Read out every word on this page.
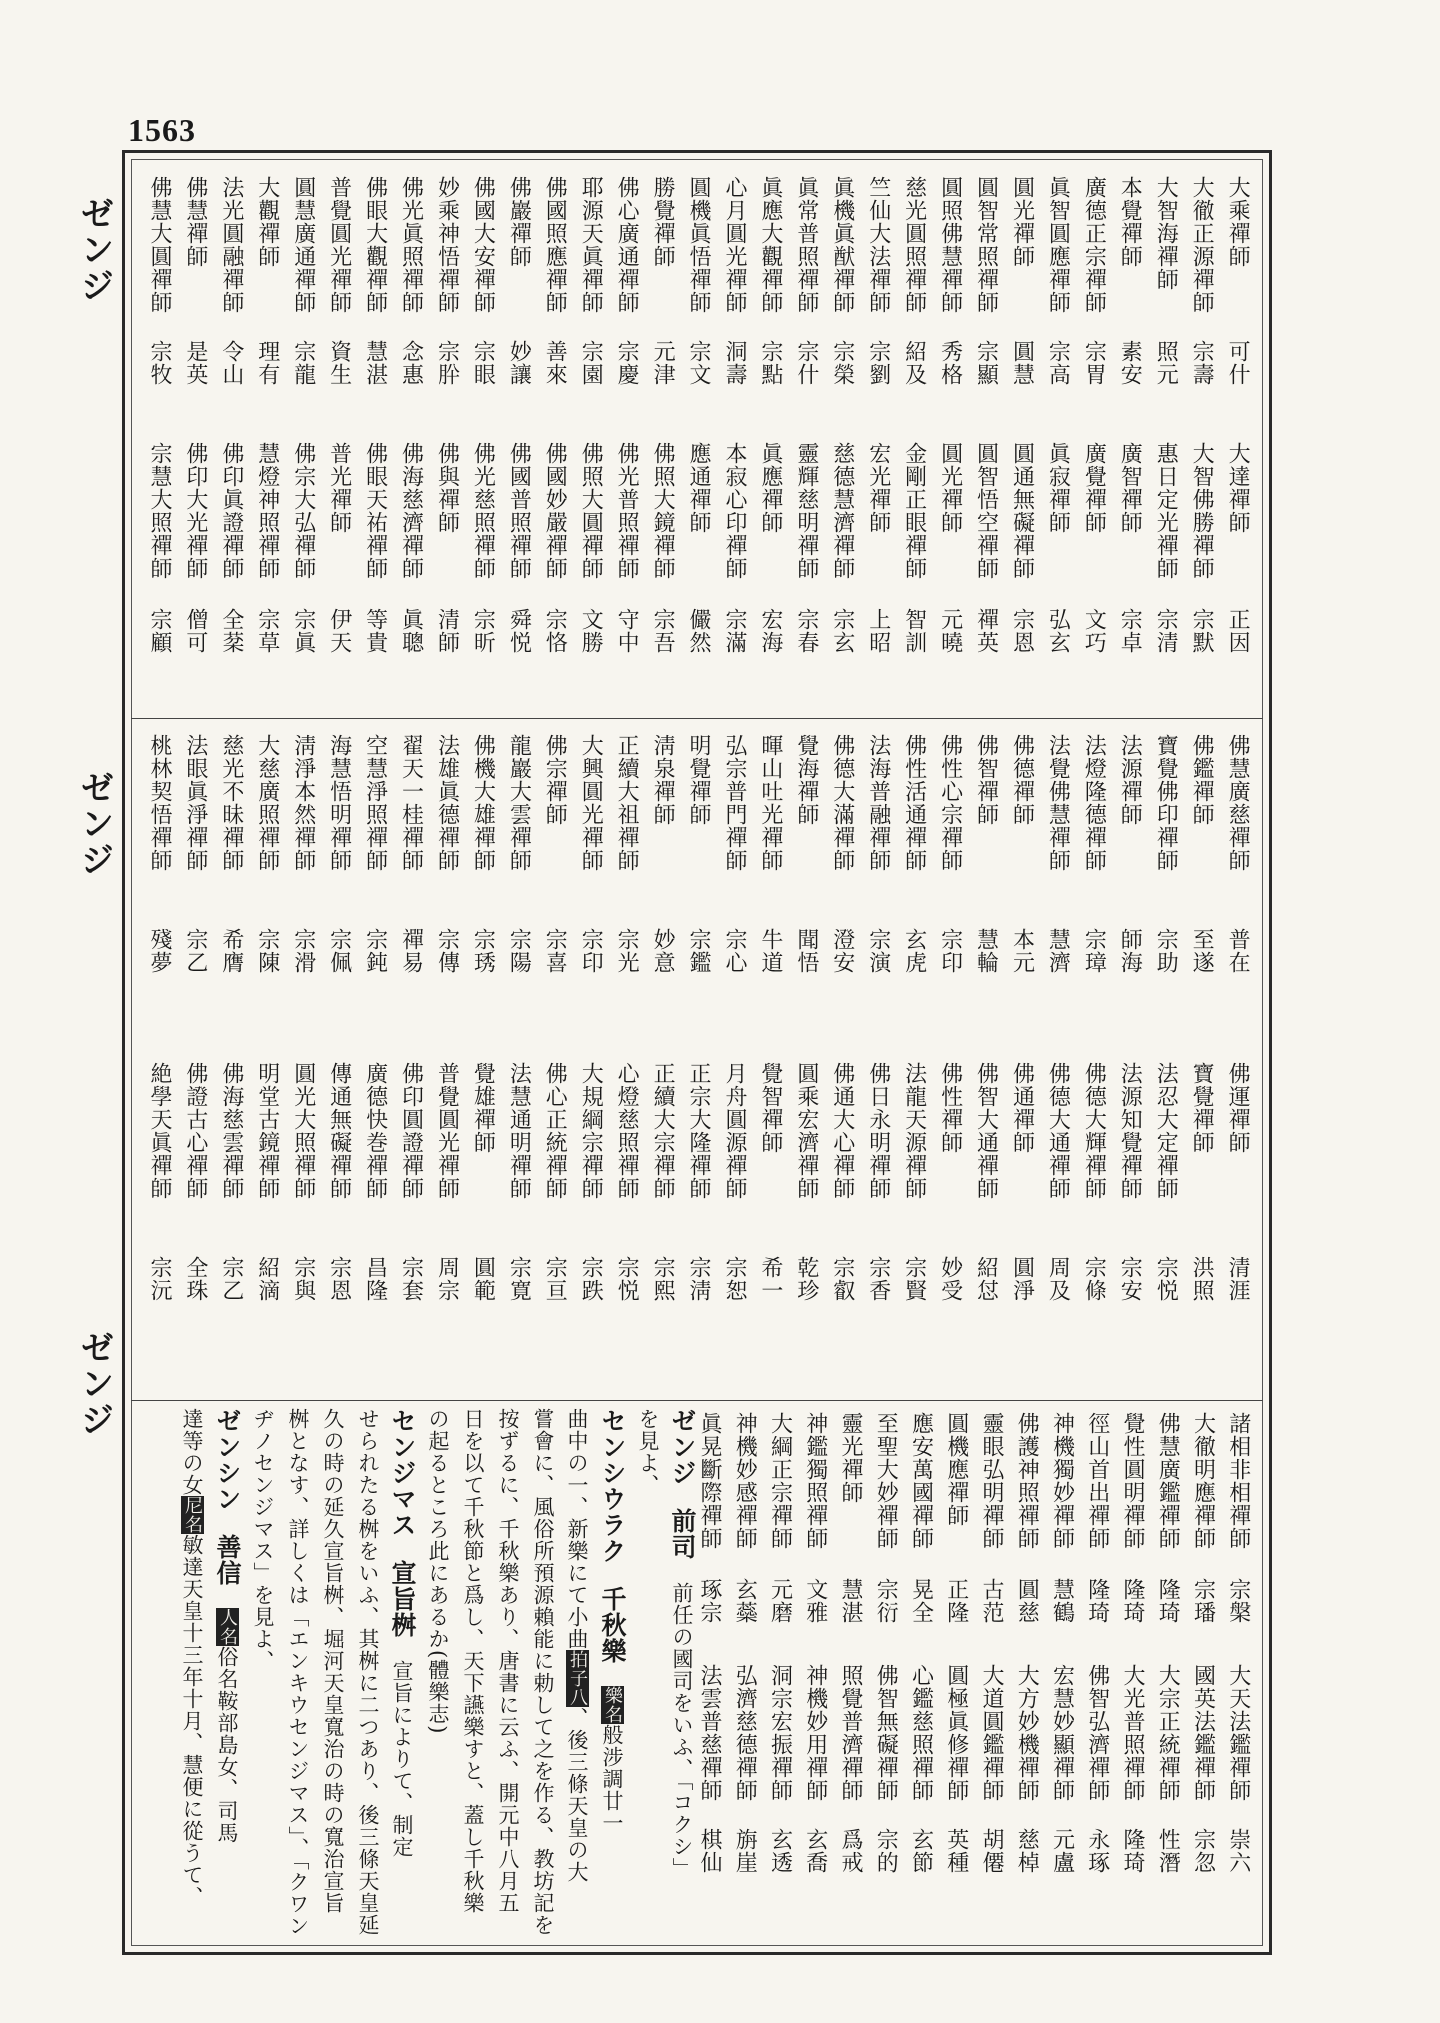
1563
ゼンジ
ゼンジ
ゼンジ
大乘禪師
可什
大達禪師
正因
大徹正源禪師
宗壽
大智佛勝禪師
宗默
大智海禪師
照元
惠日定光禪師
宗清
本覺禪師
素安
廣智禪師
宗卓
廣德正宗禪師
宗胃
廣覺禪師
文巧
眞智圓應禪師
宗高
眞寂禪師
弘玄
圓光禪師
圓慧
圓通無礙禪師
宗恩
圓智常照禪師
宗顯
圓智悟空禪師
禪英
圓照佛慧禪師
秀格
圓光禪師
元曉
慈光圓照禪師
紹及
金剛正眼禪師
智訓
竺仙大法禪師
宗劉
宏光禪師
上昭
眞機眞猷禪師
宗榮
慈德慧濟禪師
宗玄
眞常普照禪師
宗什
靈輝慈明禪師
宗春
眞應大觀禪師
宗點
眞應禪師
宏海
心月圓光禪師
洞壽
本寂心印禪師
宗滿
圓機眞悟禪師
宗文
應通禪師
儼然
勝覺禪師
元津
佛照大鏡禪師
宗吾
佛心廣通禪師
宗慶
佛光普照禪師
守中
耶源天眞禪師
宗園
佛照大圓禪師
文勝
佛國照應禪師
善來
佛國妙嚴禪師
宗恪
佛巖禪師
妙讓
佛國普照禪師
舜悦
佛國大安禪師
宗眼
佛光慈照禪師
宗昕
妙乘神悟禪師
宗肸
佛與禪師
清師
佛光眞照禪師
念惠
佛海慈濟禪師
眞聰
佛眼大觀禪師
慧湛
佛眼天祐禪師
等貴
普覺圓光禪師
資生
普光禪師
伊天
圓慧廣通禪師
宗龍
佛宗大弘禪師
宗眞
大觀禪師
理有
慧燈神照禪師
宗草
法光圓融禪師
令山
佛印眞證禪師
全棻
佛慧禪師
是英
佛印大光禪師
僧可
佛慧大圓禪師
宗牧
宗慧大照禪師
宗顧
佛慧廣慈禪師
普在
佛運禪師
清涯
佛鑑禪師
至遂
寶覺禪師
洪照
寶覺佛印禪師
宗助
法忍大定禪師
宗悦
法源禪師
師海
法源知覺禪師
宗安
法燈隆德禪師
宗璋
佛德大輝禪師
宗條
法覺佛慧禪師
慧濟
佛德大通禪師
周及
佛德禪師
本元
佛通禪師
圓淨
佛智禪師
慧輪
佛智大通禪師
紹怤
佛性心宗禪師
宗印
佛性禪師
妙受
佛性活通禪師
玄虎
法龍天源禪師
宗賢
法海普融禪師
宗演
佛日永明禪師
宗香
佛德大滿禪師
澄安
佛通大心禪師
宗叡
覺海禪師
聞悟
圓乘宏濟禪師
乾珍
暉山吐光禪師
牛道
覺智禪師
希一
弘宗普門禪師
宗心
月舟圓源禪師
宗恕
明覺禪師
宗鑑
正宗大隆禪師
宗淸
淸泉禪師
妙意
正續大宗禪師
宗熙
正續大祖禪師
宗光
心燈慈照禪師
宗悦
大興圓光禪師
宗印
大規綱宗禪師
宗跌
佛宗禪師
宗喜
佛心正統禪師
宗亘
龍巖大雲禪師
宗陽
法慧通明禪師
宗寛
佛機大雄禪師
宗琇
覺雄禪師
圓範
法雄眞德禪師
宗傳
普覺圓光禪師
周宗
翟天一桂禪師
禪易
佛印圓證禪師
宗套
空慧淨照禪師
宗鈍
廣德快巻禪師
昌隆
海慧悟明禪師
宗佩
傳通無礙禪師
宗恩
淸淨本然禪師
宗滑
圓光大照禪師
宗與
大慈廣照禪師
宗陳
明堂古鏡禪師
紹滴
慈光不昧禪師
希膺
佛海慈雲禪師
宗乙
法眼眞淨禪師
宗乙
佛證古心禪師
全珠
桃林契悟禪師
殘夢
絶學天眞禪師
宗沅
諸相非相禪師
宗槃
大天法鑑禪師
崇六
大徹明應禪師
宗璠
國英法鑑禪師
宗忽
佛慧廣鑑禪師
隆琦
大宗正統禪師
性潛
覺性圓明禪師
隆琦
大光普照禪師
隆琦
徑山首出禪師
隆琦
佛智弘濟禪師
永琢
神機獨妙禪師
慧鶴
宏慧妙顯禪師
元盧
佛護神照禪師
圓慈
大方妙機禪師
慈棹
靈眼弘明禪師
古范
大道圓鑑禪師
胡僊
圓機應禪師
正隆
圓極眞修禪師
英種
應安萬國禪師
晃全
心鑑慈照禪師
玄節
至聖大妙禪師
宗衍
佛智無礙禪師
宗的
靈光禪師
慧湛
照覺普濟禪師
爲戒
神鑑獨照禪師
文雅
神機妙用禪師
玄喬
大綱正宗禪師
元磨
洞宗宏振禪師
玄透
神機妙感禪師
玄蘂
弘濟慈德禪師
旃崖
眞晃斷際禪師
琢宗
法雲普慈禪師
棋仙
ゼンジ　前司　前任の國司をいふ、「コクシ」
を見よ、
センシウラク　千秋樂　樂名般涉調廿一
曲中の一、新樂にて小曲拍子八、後三條天皇の大
嘗會に、風俗所預源賴能に勅して之を作る、教坊記を
按ずるに、千秋樂あり、唐書に云ふ、開元中八月五
日を以て千秋節と爲し、天下讌樂すと、蓋し千秋樂
の起るところ此にあるか(體樂志)
センジマス　宣旨桝　宣旨によりて、制定
せられたる桝をいふ、其桝に二つあり、後三條天皇延
久の時の延久宣旨桝、堀河天皇寬治の時の寬治宣旨
桝となす、詳しくは「エンキウセンジマス」、「クワン
ヂノセンジマス」を見よ、
ゼンシン　善信　人名俗名鞍部島女、司馬
達等の女尼名敏達天皇十三年十月、慧便に從うて、
